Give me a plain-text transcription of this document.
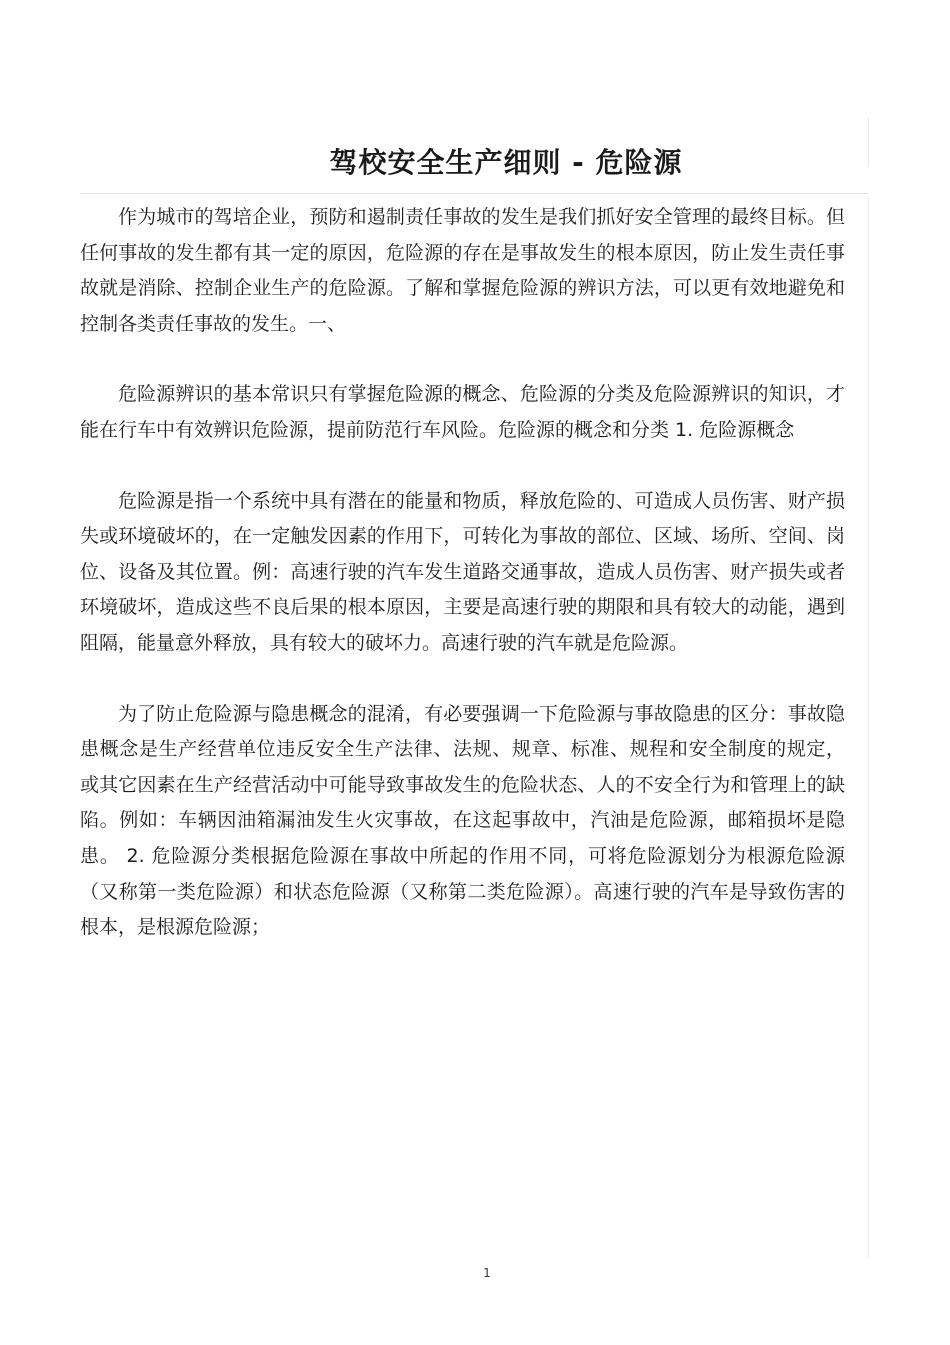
驾校安全生产细则 - 危险源

作为城市的驾培企业，预防和遏制责任事故的发生是我们抓好安全管理的最终目标。但任何事故的发生都有其一定的原因，危险源的存在是事故发生的根本原因，防止发生责任事故就是消除、控制企业生产的危险源。了解和掌握危险源的辨识方法，可以更有效地避免和控制各类责任事故的发生。一、

危险源辨识的基本常识只有掌握危险源的概念、危险源的分类及危险源辨识的知识，才能在行车中有效辨识危险源，提前防范行车风险。危险源的概念和分类 1. 危险源概念

危险源是指一个系统中具有潜在的能量和物质，释放危险的、可造成人员伤害、财产损失或环境破坏的，在一定触发因素的作用下，可转化为事故的部位、区域、场所、空间、岗位、设备及其位置。例：高速行驶的汽车发生道路交通事故，造成人员伤害、财产损失或者环境破坏，造成这些不良后果的根本原因，主要是高速行驶的期限和具有较大的动能，遇到阻隔，能量意外释放，具有较大的破坏力。高速行驶的汽车就是危险源。

为了防止危险源与隐患概念的混淆，有必要强调一下危险源与事故隐患的区分：事故隐患概念是生产经营单位违反安全生产法律、法规、规章、标准、规程和安全制度的规定， 或其它因素在生产经营活动中可能导致事故发生的危险状态、人的不安全行为和管理上的缺陷。例如：车辆因油箱漏油发生火灾事故，在这起事故中，汽油是危险源，邮箱损坏是隐患。 2. 危险源分类根据危险源在事故中所起的作用不同，可将危险源划分为根源危险源（又称第一类危险源）和状态危险源（又称第二类危险源）。高速行驶的汽车是导致伤害的根本，是根源危险源；

1
